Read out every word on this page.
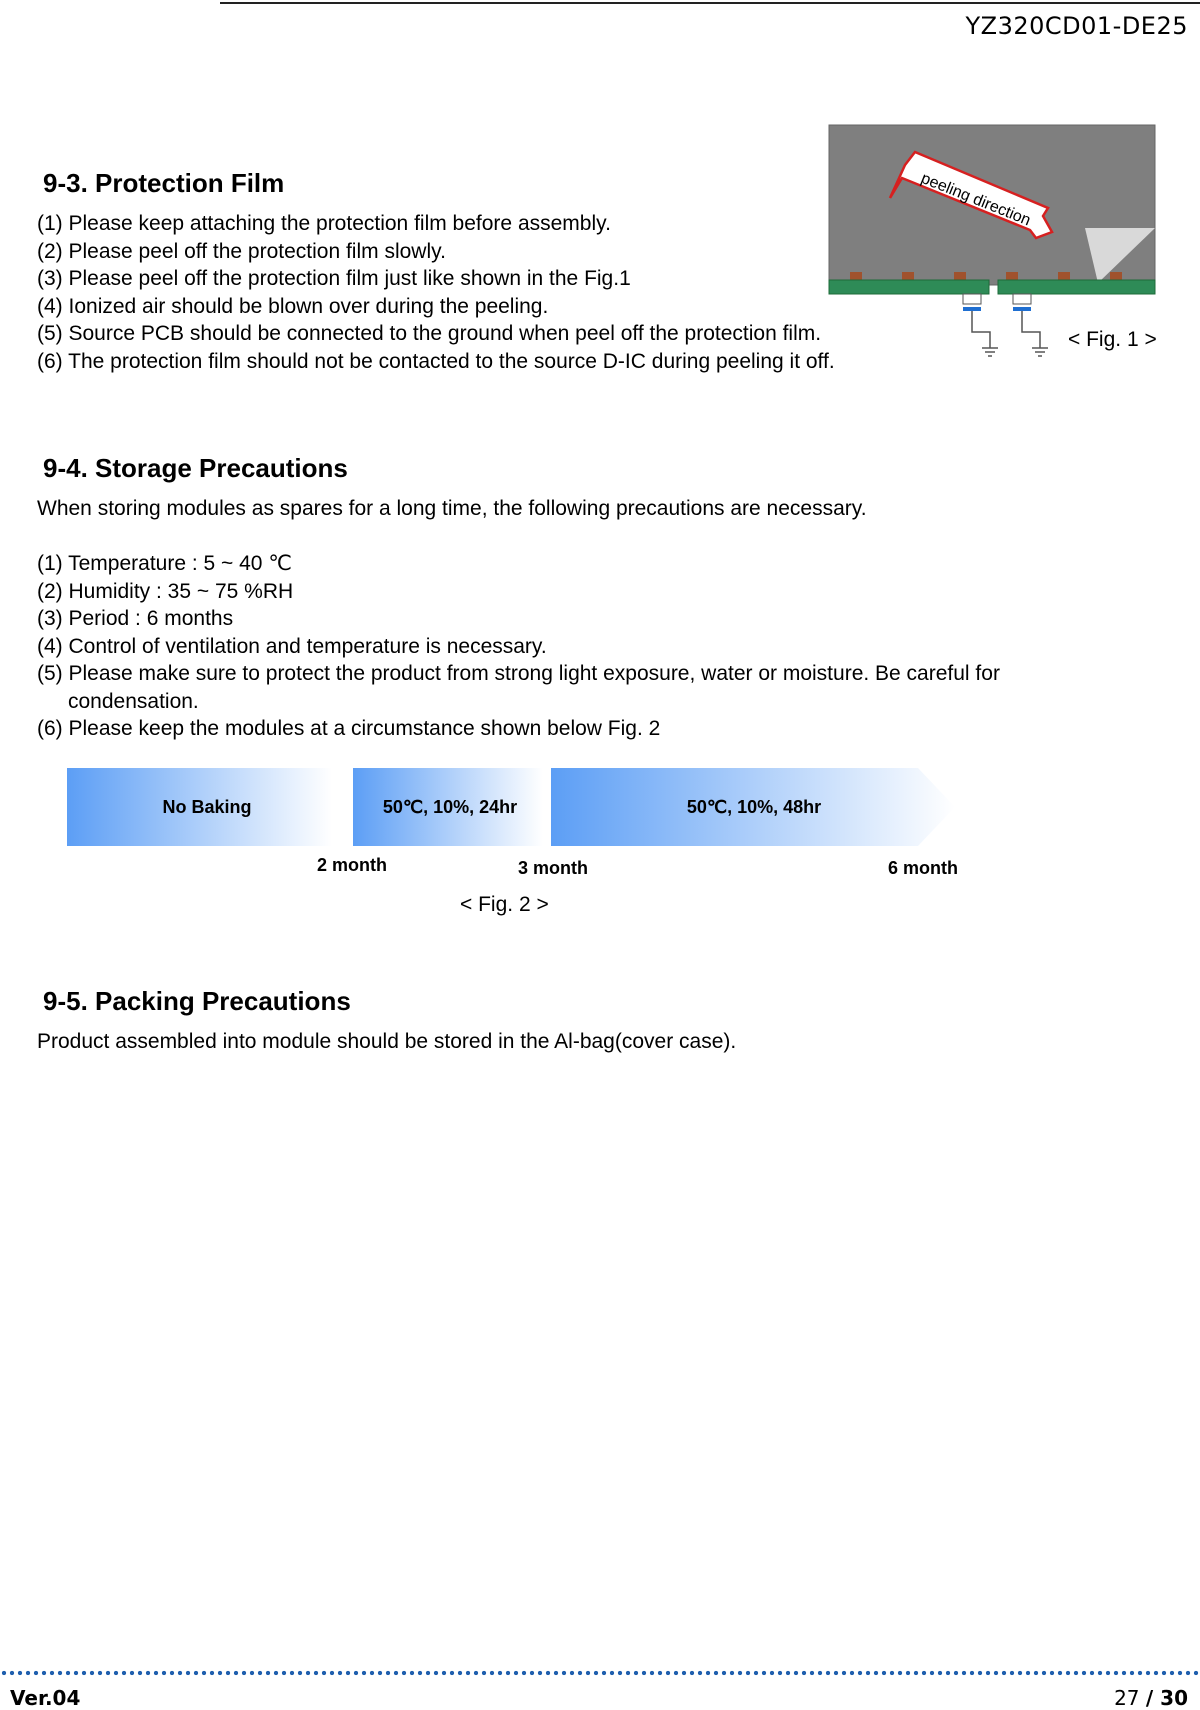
YZ320CD01-DE25
9-3. Protection Film
(1) Please keep attaching the protection film before assembly.
(2) Please peel off the protection film slowly.
(3) Please peel off the protection film just like shown in the Fig.1
(4) Ionized air should be blown over during the peeling.
(5) Source PCB should be connected to the ground when peel off the protection film.
(6) The protection film should not be contacted to the source D-IC during peeling it off.
peeling direction
< Fig. 1 >
9-4. Storage Precautions
When storing modules as spares for a long time, the following precautions are necessary.
(1) Temperature : 5 ~ 40 ℃
(2) Humidity : 35 ~ 75 %RH
(3) Period : 6 months
(4) Control of ventilation and temperature is necessary.
(5) Please make sure to protect the product from strong light exposure, water or moisture. Be careful for
condensation.
(6) Please keep the modules at a circumstance shown below Fig. 2
No Baking	50℃, 10%, 24hr	50℃, 10%, 48hr
2 month	3 month	6 month
< Fig. 2 >
9-5. Packing Precautions
Product assembled into module should be stored in the Al-bag(cover case).
Ver.04	27 / 30
